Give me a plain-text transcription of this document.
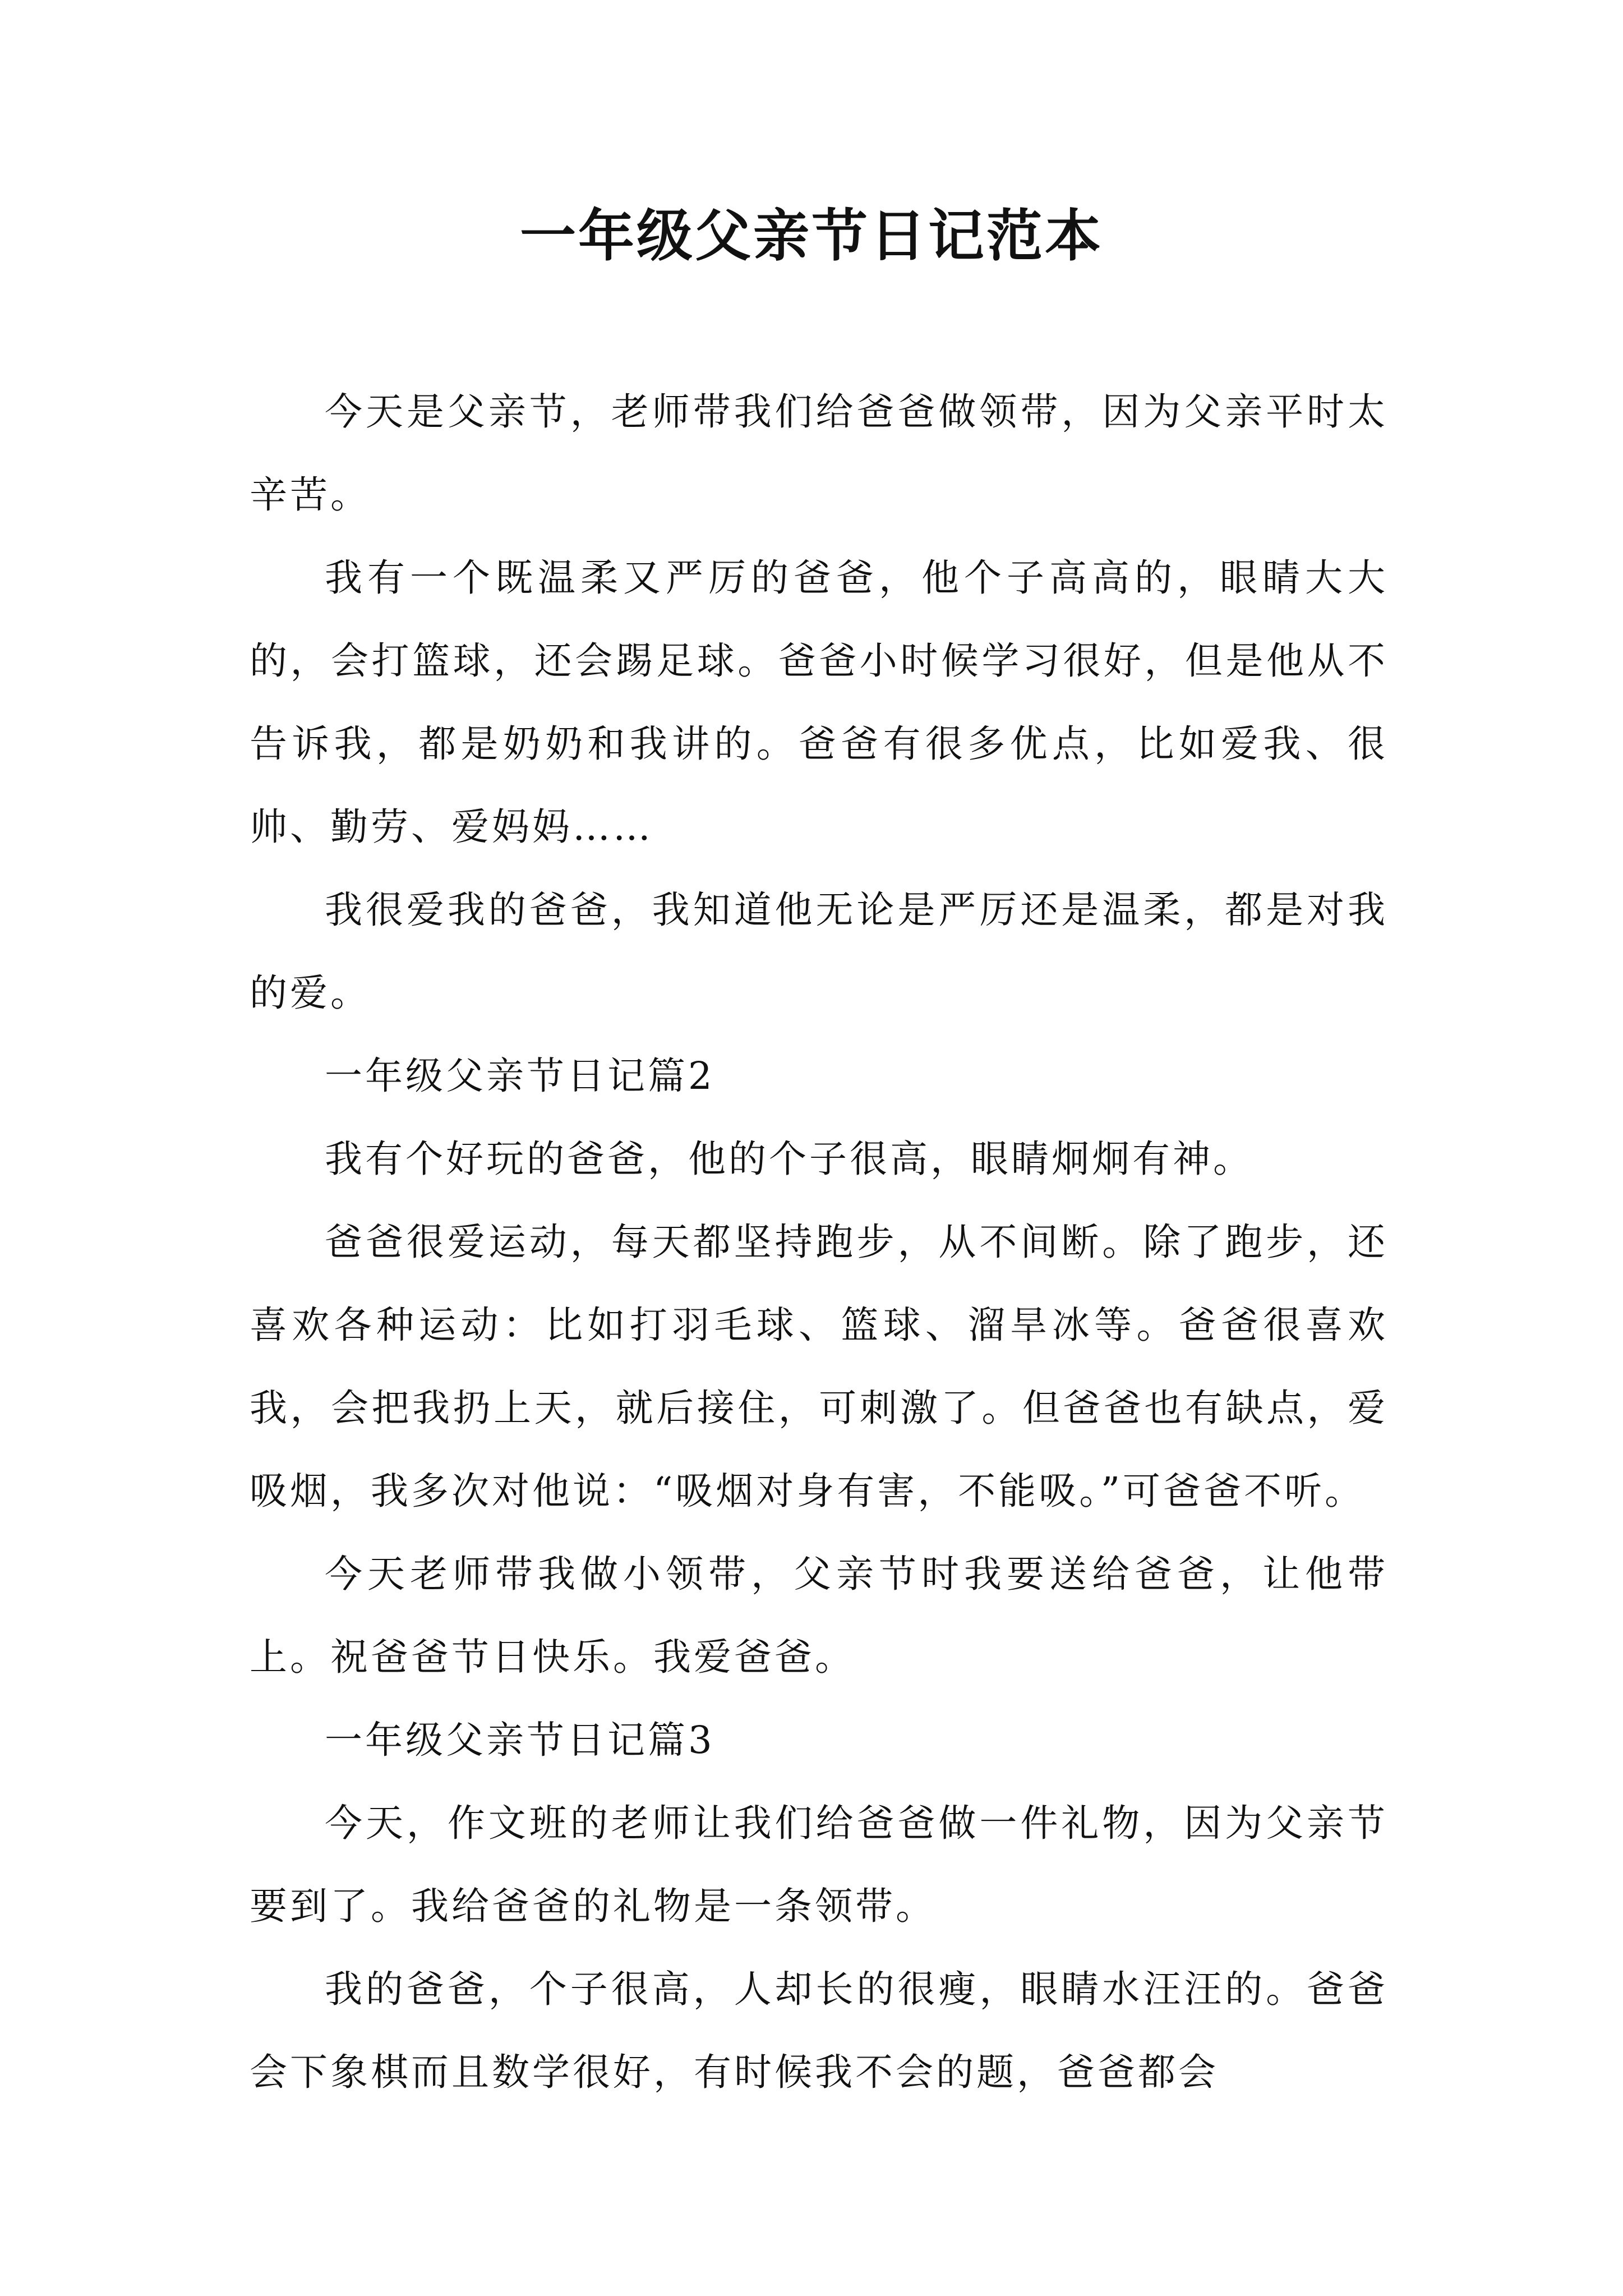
一年级父亲节日记范本

今天是父亲节，老师带我们给爸爸做领带，因为父亲平时太辛苦。

我有一个既温柔又严厉的爸爸，他个子高高的，眼睛大大的，会打篮球，还会踢足球。爸爸小时候学习很好，但是他从不告诉我，都是奶奶和我讲的。爸爸有很多优点，比如爱我、很帅、勤劳、爱妈妈……

我很爱我的爸爸，我知道他无论是严厉还是温柔，都是对我的爱。

一年级父亲节日记篇2

我有个好玩的爸爸，他的个子很高，眼睛炯炯有神。

爸爸很爱运动，每天都坚持跑步，从不间断。除了跑步，还喜欢各种运动：比如打羽毛球、篮球、溜旱冰等。爸爸很喜欢我，会把我扔上天，就后接住，可刺激了。但爸爸也有缺点，爱吸烟，我多次对他说：“吸烟对身有害，不能吸。”可爸爸不听。

今天老师带我做小领带，父亲节时我要送给爸爸，让他带上。祝爸爸节日快乐。我爱爸爸。

一年级父亲节日记篇3

今天，作文班的老师让我们给爸爸做一件礼物，因为父亲节要到了。我给爸爸的礼物是一条领带。

我的爸爸，个子很高，人却长的很瘦，眼睛水汪汪的。爸爸会下象棋而且数学很好，有时候我不会的题，爸爸都会
